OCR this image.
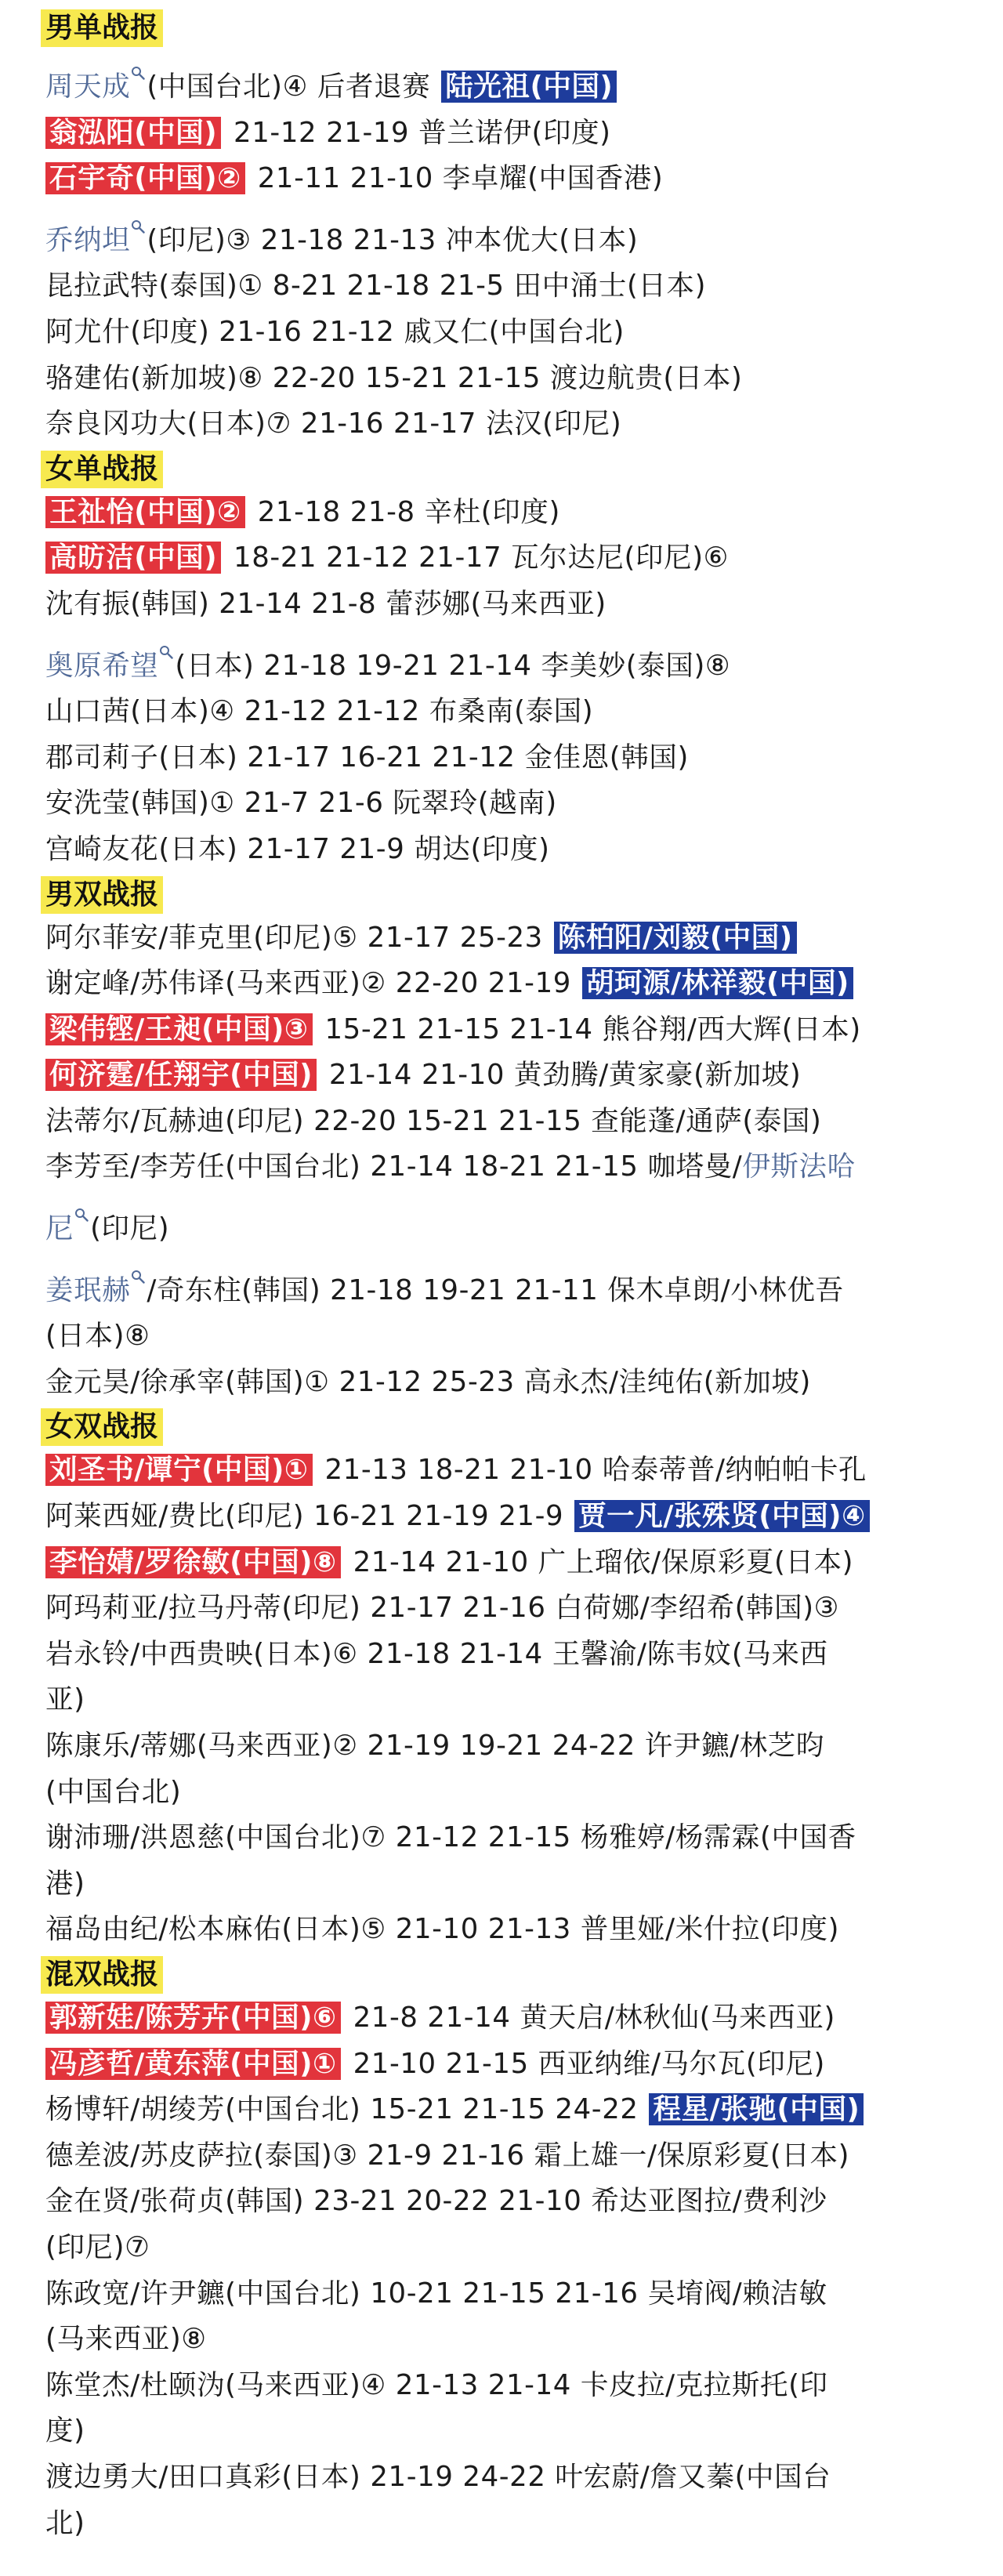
男单战报
周天成 (中国台北)④ 后者退赛 陆光祖(中国)
翁泓阳(中国) 21-12 21-19 普兰诺伊(印度)
石宇奇(中国)② 21-11 21-10 李卓耀(中国香港)
乔纳坦 (印尼)③ 21-18 21-13 冲本优大(日本)
昆拉武特(泰国)① 8-21 21-18 21-5 田中涌士(日本)
阿尤什(印度) 21-16 21-12 戚又仁(中国台北)
骆建佑(新加坡)⑧ 22-20 15-21 21-15 渡边航贵(日本)
奈良冈功大(日本)⑦ 21-16 21-17 法汉(印尼)
女单战报
王祉怡(中国)② 21-18 21-8 辛杜(印度)
高昉洁(中国) 18-21 21-12 21-17 瓦尔达尼(印尼)⑥
沈有振(韩国) 21-14 21-8 蕾莎娜(马来西亚)
奥原希望 (日本) 21-18 19-21 21-14 李美妙(泰国)⑧
山口茜(日本)④ 21-12 21-12 布桑南(泰国)
郡司莉子(日本) 21-17 16-21 21-12 金佳恩(韩国)
安洗莹(韩国)① 21-7 21-6 阮翠玲(越南)
宫崎友花(日本) 21-17 21-9 胡达(印度)
男双战报
阿尔菲安/菲克里(印尼)⑤ 21-17 25-23 陈柏阳/刘毅(中国)
谢定峰/苏伟译(马来西亚)② 22-20 21-19 胡珂源/林祥毅(中国)
梁伟铿/王昶(中国)③ 15-21 21-15 21-14 熊谷翔/西大辉(日本)
何济霆/任翔宇(中国) 21-14 21-10 黄劲腾/黄家豪(新加坡)
法蒂尔/瓦赫迪(印尼) 22-20 15-21 21-15 查能蓬/通萨(泰国)
李芳至/李芳任(中国台北) 21-14 18-21 21-15 咖塔曼/伊斯法哈
尼 (印尼)
姜珉赫 /奇东柱(韩国) 21-18 19-21 21-11 保木卓朗/小林优吾
(日本)⑧
金元昊/徐承宰(韩国)① 21-12 25-23 高永杰/洼纯佑(新加坡)
女双战报
刘圣书/谭宁(中国)① 21-13 18-21 21-10 哈泰蒂普/纳帕帕卡孔
阿莱西娅/费比(印尼) 16-21 21-19 21-9 贾一凡/张殊贤(中国)④
李怡婧/罗徐敏(中国)⑧ 21-14 21-10 广上瑠依/保原彩夏(日本)
阿玛莉亚/拉马丹蒂(印尼) 21-17 21-16 白荷娜/李绍希(韩国)③
岩永铃/中西贵映(日本)⑥ 21-18 21-14 王馨渝/陈韦妏(马来西
亚)
陈康乐/蒂娜(马来西亚)② 21-19 19-21 24-22 许尹鑣/林芝昀
(中国台北)
谢沛珊/洪恩慈(中国台北)⑦ 21-12 21-15 杨雅婷/杨霈霖(中国香
港)
福岛由纪/松本麻佑(日本)⑤ 21-10 21-13 普里娅/米什拉(印度)
混双战报
郭新娃/陈芳卉(中国)⑥ 21-8 21-14 黄天启/林秋仙(马来西亚)
冯彦哲/黄东萍(中国)① 21-10 21-15 西亚纳维/马尔瓦(印尼)
杨博轩/胡绫芳(中国台北) 15-21 21-15 24-22 程星/张驰(中国)
德差波/苏皮萨拉(泰国)③ 21-9 21-16 霜上雄一/保原彩夏(日本)
金在贤/张荷贞(韩国) 23-21 20-22 21-10 希达亚图拉/费利沙
(印尼)⑦
陈政宽/许尹鑣(中国台北) 10-21 21-15 21-16 吴堉阀/赖洁敏
(马来西亚)⑧
陈堂杰/杜颐沩(马来西亚)④ 21-13 21-14 卡皮拉/克拉斯托(印
度)
渡边勇大/田口真彩(日本) 21-19 24-22 叶宏蔚/詹又蓁(中国台
北)
